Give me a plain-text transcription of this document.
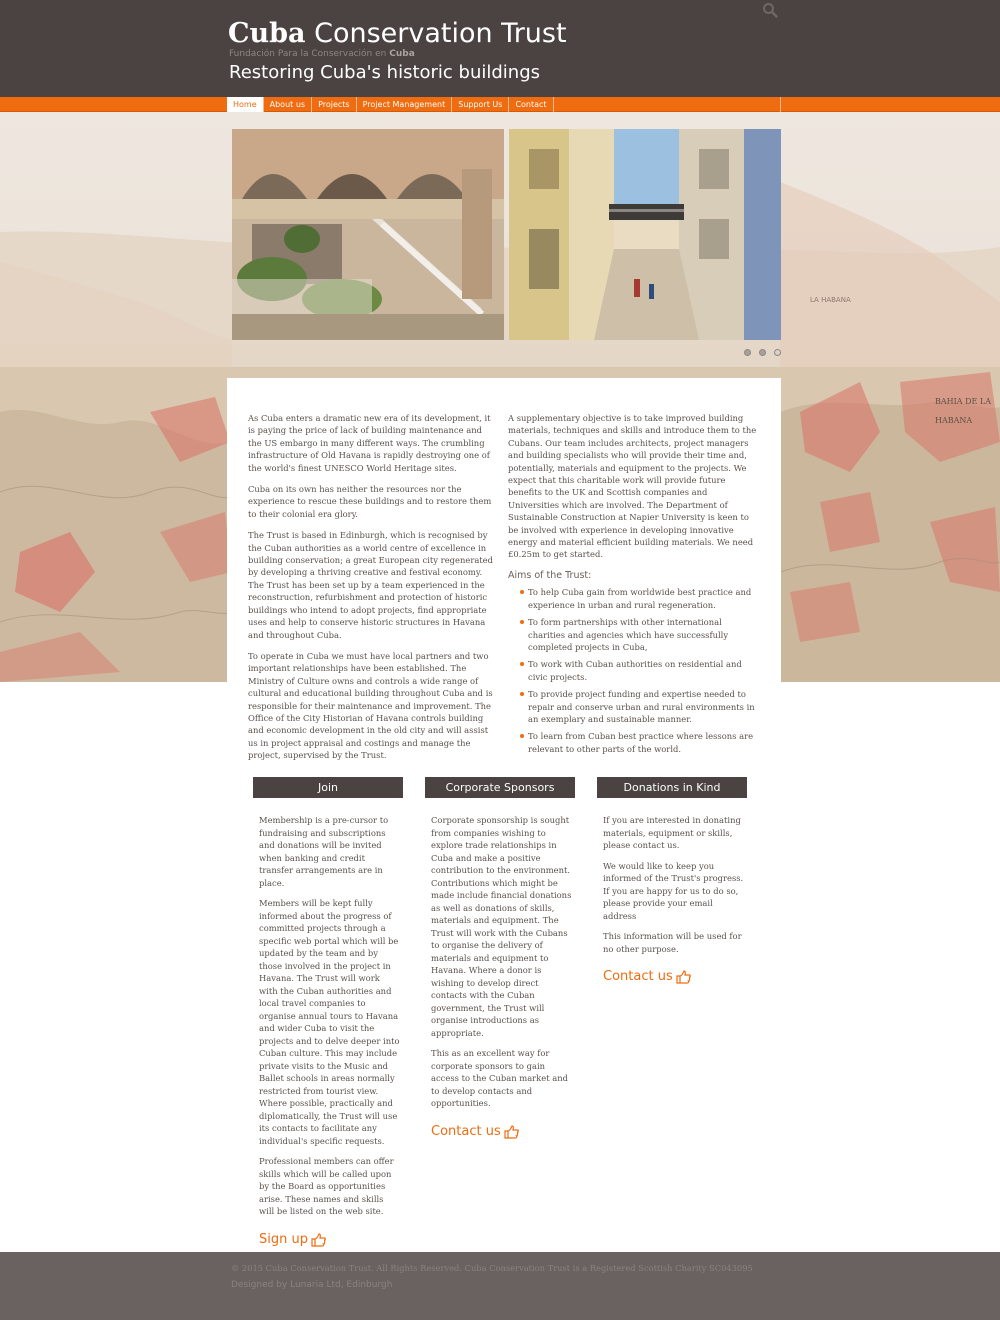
Cuba Conservation Trust
Fundación Para la Conservación en Cuba
Restoring Cuba's historic buildings
Home	About us	Projects	Project Management	Support Us	Contact
LA HABANA
BAHIA DE LA
HABANA

As Cuba enters a dramatic new era of its development, it is paying the price of lack of building maintenance and the US embargo in many different ways. The crumbling infrastructure of Old Havana is rapidly destroying one of the world's finest UNESCO World Heritage sites.

Cuba on its own has neither the resources nor the experience to rescue these buildings and to restore them to their colonial era glory.

The Trust is based in Edinburgh, which is recognised by the Cuban authorities as a world centre of excellence in building conservation; a great European city regenerated by developing a thriving creative and festival economy. The Trust has been set up by a team experienced in the reconstruction, refurbishment and protection of historic buildings who intend to adopt projects, find appropriate uses and help to conserve historic structures in Havana and throughout Cuba.

To operate in Cuba we must have local partners and two important relationships have been established. The Ministry of Culture owns and controls a wide range of cultural and educational building throughout Cuba and is responsible for their maintenance and improvement. The Office of the City Historian of Havana controls building and economic development in the old city and will assist us in project appraisal and costings and manage the project, supervised by the Trust.

A supplementary objective is to take improved building materials, techniques and skills and introduce them to the Cubans. Our team includes architects, project managers and building specialists who will provide their time and, potentially, materials and equipment to the projects. We expect that this charitable work will provide future benefits to the UK and Scottish companies and Universities which are involved. The Department of Sustainable Construction at Napier University is keen to be involved with experience in developing innovative energy and material efficient building materials. We need £0.25m to get started.

Aims of the Trust:
To help Cuba gain from worldwide best practice and experience in urban and rural regeneration.
To form partnerships with other international charities and agencies which have successfully completed projects in Cuba,
To work with Cuban authorities on residential and civic projects.
To provide project funding and expertise needed to repair and conserve urban and rural environments in an exemplary and sustainable manner.
To learn from Cuban best practice where lessons are relevant to other parts of the world.
Join

Membership is a pre-cursor to fundraising and subscriptions and donations will be invited when banking and credit transfer arrangements are in place.

Members will be kept fully informed about the progress of committed projects through a specific web portal which will be updated by the team and by those involved in the project in Havana. The Trust will work with the Cuban authorities and local travel companies to organise annual tours to Havana and wider Cuba to visit the projects and to delve deeper into Cuban culture. This may include private visits to the Music and Ballet schools in areas normally restricted from tourist view. Where possible, practically and diplomatically, the Trust will use its contacts to facilitate any individual's specific requests.

Professional members can offer skills which will be called upon by the Board as opportunities arise. These names and skills will be listed on the web site.

Sign up
Corporate Sponsors

Corporate sponsorship is sought from companies wishing to explore trade relationships in Cuba and make a positive contribution to the environment. Contributions which might be made include financial donations as well as donations of skills, materials and equipment. The Trust will work with the Cubans to organise the delivery of materials and equipment to Havana. Where a donor is wishing to develop direct contacts with the Cuban government, the Trust will organise introductions as appropriate.

This as an excellent way for corporate sponsors to gain access to the Cuban market and to develop contacts and opportunities.

Contact us
Donations in Kind

If you are interested in donating materials, equipment or skills, please contact us.

We would like to keep you informed of the Trust's progress. If you are happy for us to do so, please provide your email address

This information will be used for no other purpose.

Contact us
© 2015 Cuba Conservation Trust. All Rights Reserved. Cuba Conservation Trust is a Registered Scottish Charity SC043095
Designed by Lunaria Ltd, Edinburgh
